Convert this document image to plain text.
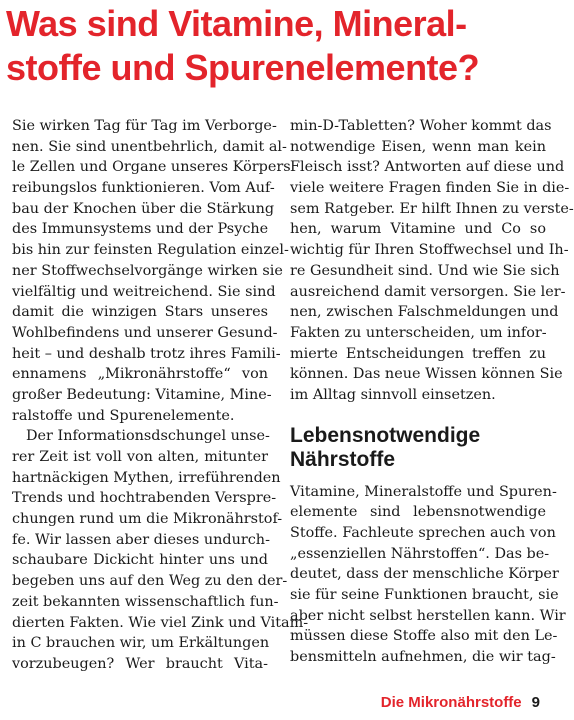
Was sind Vitamine, Mineral-
stoffe und Spurenelemente?

Sie wirken Tag für Tag im Verborge-
nen. Sie sind unentbehrlich, damit al-
le Zellen und Organe unseres Körpers
reibungslos funktionieren. Vom Auf-
bau der Knochen über die Stärkung
des Immunsystems und der Psyche
bis hin zur feinsten Regulation einzel-
ner Stoffwechselvorgänge wirken sie
vielfältig und weitreichend. Sie sind
damit die winzigen Stars unseres
Wohlbefindens und unserer Gesund-
heit – und deshalb trotz ihres Famili-
ennamens „Mikronährstoffe“ von
großer Bedeutung: Vitamine, Mine-
ralstoffe und Spurenelemente.

Der Informationsdschungel unse-
rer Zeit ist voll von alten, mitunter
hartnäckigen Mythen, irreführenden
Trends und hochtrabenden Verspre-
chungen rund um die Mikronährstof-
fe. Wir lassen aber dieses undurch-
schaubare Dickicht hinter uns und
begeben uns auf den Weg zu den der-
zeit bekannten wissenschaftlich fun-
dierten Fakten. Wie viel Zink und Vitam-
in C brauchen wir, um Erkältungen
vorzubeugen? Wer braucht Vita-

min-D-Tabletten? Woher kommt das
notwendige Eisen, wenn man kein
Fleisch isst? Antworten auf diese und
viele weitere Fragen finden Sie in die-
sem Ratgeber. Er hilft Ihnen zu verste-
hen, warum Vitamine und Co so
wichtig für Ihren Stoffwechsel und Ih-
re Gesundheit sind. Und wie Sie sich
ausreichend damit versorgen. Sie ler-
nen, zwischen Falschmeldungen und
Fakten zu unterscheiden, um infor-
mierte Entscheidungen treffen zu
können. Das neue Wissen können Sie
im Alltag sinnvoll einsetzen.

Lebensnotwendige
Nährstoffe

Vitamine, Mineralstoffe und Spuren-
elemente sind lebensnotwendige
Stoffe. Fachleute sprechen auch von
„essenziellen Nährstoffen“. Das be-
deutet, dass der menschliche Körper
sie für seine Funktionen braucht, sie
aber nicht selbst herstellen kann. Wir
müssen diese Stoffe also mit den Le-
bensmitteln aufnehmen, die wir tag-

Die Mikronährstoffe 9
